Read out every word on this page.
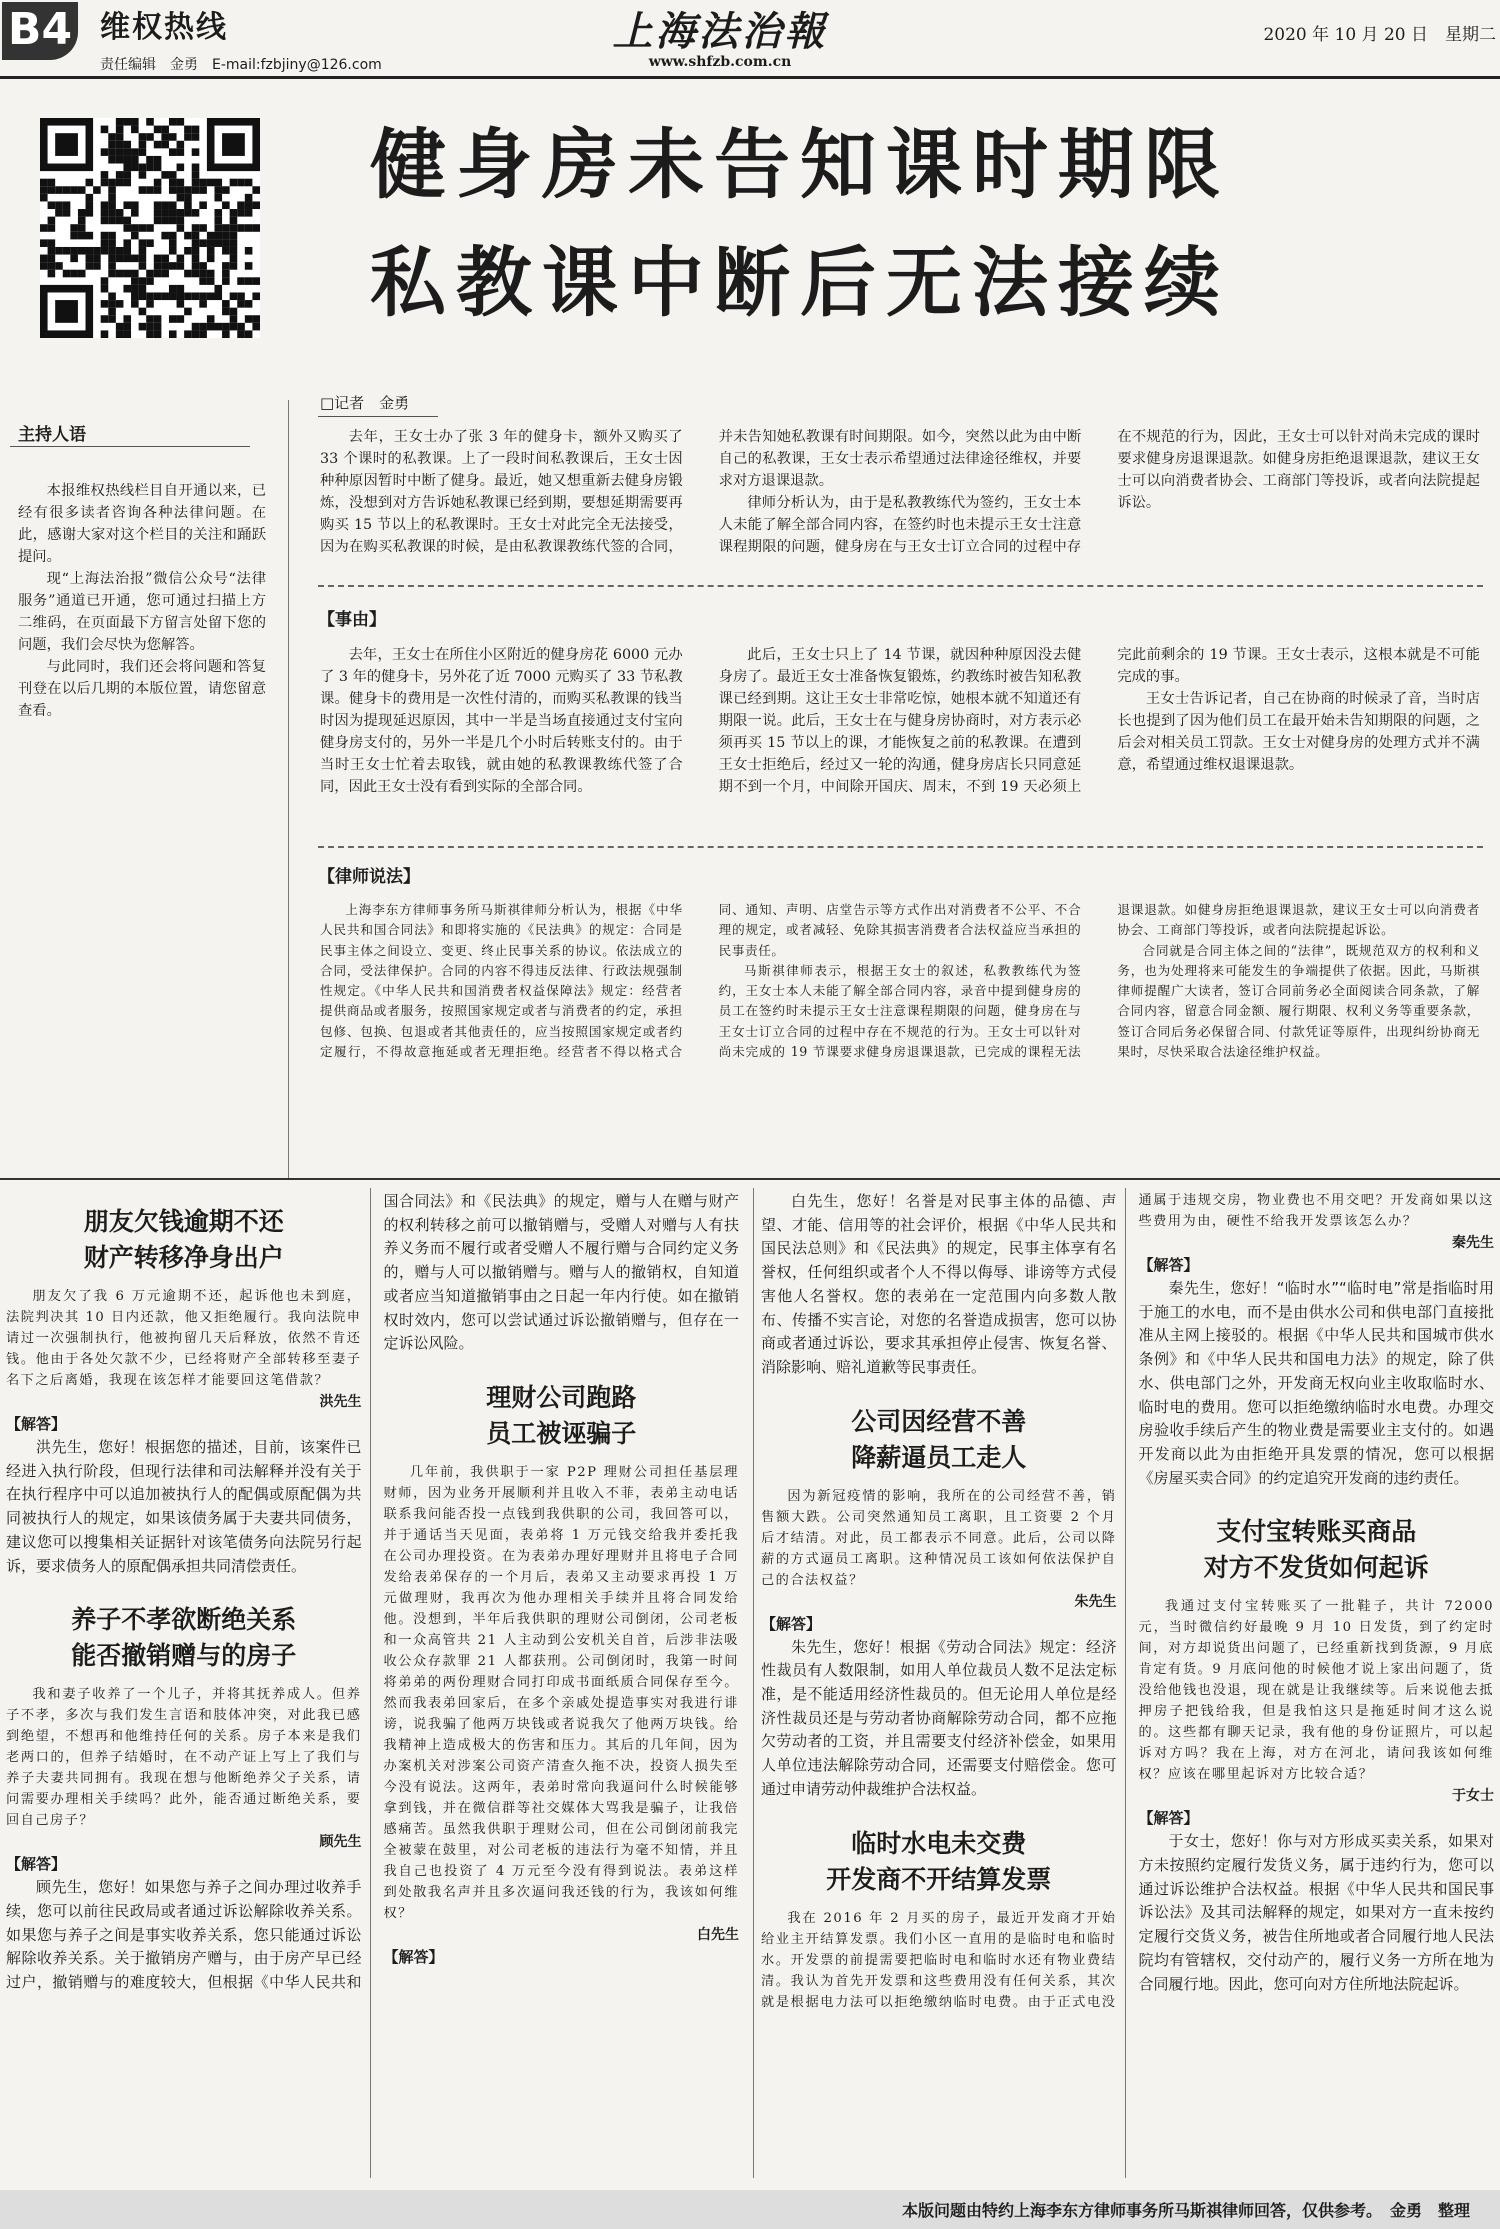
B4 维权热线
责任编辑　金勇　E-mail:fzbjiny@126.com
上海法治報
www.shfzb.com.cn
2020 年 10 月 20 日　星期二
健身房未告知课时期限
私教课中断后无法接续
主持人语

本报维权热线栏目自开通以来，已经有很多读者咨询各种法律问题。在此，感谢大家对这个栏目的关注和踊跃提问。

现“上海法治报”微信公众号“法律服务”通道已开通，您可通过扫描上方二维码，在页面最下方留言处留下您的问题，我们会尽快为您解答。

与此同时，我们还会将问题和答复刊登在以后几期的本版位置，请您留意查看。

□记者　金勇

去年，王女士办了张 3 年的健身卡，额外又购买了 33 个课时的私教课。上了一段时间私教课后，王女士因种种原因暂时中断了健身。最近，她又想重新去健身房锻炼，没想到对方告诉她私教课已经到期，要想延期需要再购买 15 节以上的私教课时。王女士对此完全无法接受，因为在购买私教课的时候，是由私教课教练代签的合同，并未告知她私教课有时间期限。如今，突然以此为由中断自己的私教课，王女士表示希望通过法律途径维权，并要求对方退课退款。

律师分析认为，由于是私教教练代为签约，王女士本人未能了解全部合同内容，在签约时也未提示王女士注意课程期限的问题，健身房在与王女士订立合同的过程中存在不规范的行为，因此，王女士可以针对尚未完成的课时要求健身房退课退款。如健身房拒绝退课退款，建议王女士可以向消费者协会、工商部门等投诉，或者向法院提起诉讼。

【事由】

去年，王女士在所住小区附近的健身房花 6000 元办了 3 年的健身卡，另外花了近 7000 元购买了 33 节私教课。健身卡的费用是一次性付清的，而购买私教课的钱当时因为提现延迟原因，其中一半是当场直接通过支付宝向健身房支付的，另外一半是几个小时后转账支付的。由于当时王女士忙着去取钱，就由她的私教课教练代签了合同，因此王女士没有看到实际的全部合同。

此后，王女士只上了 14 节课，就因种种原因没去健身房了。最近王女士准备恢复锻炼，约教练时被告知私教课已经到期。这让王女士非常吃惊，她根本就不知道还有期限一说。此后，王女士在与健身房协商时，对方表示必须再买 15 节以上的课，才能恢复之前的私教课。在遭到王女士拒绝后，经过又一轮的沟通，健身房店长只同意延期不到一个月，中间除开国庆、周末，不到 19 天必须上完此前剩余的 19 节课。王女士表示，这根本就是不可能完成的事。

王女士告诉记者，自己在协商的时候录了音，当时店长也提到了因为他们员工在最开始未告知期限的问题，之后会对相关员工罚款。王女士对健身房的处理方式并不满意，希望通过维权退课退款。

【律师说法】

上海李东方律师事务所马斯祺律师分析认为，根据《中华人民共和国合同法》和即将实施的《民法典》的规定：合同是民事主体之间设立、变更、终止民事关系的协议。依法成立的合同，受法律保护。合同的内容不得违反法律、行政法规强制性规定。《中华人民共和国消费者权益保障法》规定：经营者提供商品或者服务，按照国家规定或者与消费者的约定，承担包修、包换、包退或者其他责任的，应当按照国家规定或者约定履行，不得故意拖延或者无理拒绝。经营者不得以格式合同、通知、声明、店堂告示等方式作出对消费者不公平、不合理的规定，或者减轻、免除其损害消费者合法权益应当承担的民事责任。

马斯祺律师表示，根据王女士的叙述，私教教练代为签约，王女士本人未能了解全部合同内容，录音中提到健身房的员工在签约时未提示王女士注意课程期限的问题，健身房在与王女士订立合同的过程中存在不规范的行为。王女士可以针对尚未完成的 19 节课要求健身房退课退款，已完成的课程无法退课退款。如健身房拒绝退课退款，建议王女士可以向消费者协会、工商部门等投诉，或者向法院提起诉讼。

合同就是合同主体之间的“法律”，既规范双方的权利和义务，也为处理将来可能发生的争端提供了依据。因此，马斯祺律师提醒广大读者，签订合同前务必全面阅读合同条款，了解合同内容，留意合同金额、履行期限、权利义务等重要条款，签订合同后务必保留合同、付款凭证等原件，出现纠纷协商无果时，尽快采取合法途径维护权益。

朋友欠钱逾期不还
财产转移净身出户
朋友欠了我 6 万元逾期不还，起诉他也未到庭，法院判决其 10 日内还款，他又拒绝履行。我向法院申请过一次强制执行，他被拘留几天后释放，依然不肯还钱。他由于各处欠款不少，已经将财产全部转移至妻子名下之后离婚，我现在该怎样才能要回这笔借款？
洪先生
【解答】
洪先生，您好！根据您的描述，目前，该案件已经进入执行阶段，但现行法律和司法解释并没有关于在执行程序中可以追加被执行人的配偶或原配偶为共同被执行人的规定，如果该债务属于夫妻共同债务，建议您可以搜集相关证据针对该笔债务向法院另行起诉，要求债务人的原配偶承担共同清偿责任。
养子不孝欲断绝关系
能否撤销赠与的房子
我和妻子收养了一个儿子，并将其抚养成人。但养子不孝，多次与我们发生言语和肢体冲突，对此我已感到绝望，不想再和他维持任何的关系。房子本来是我们老两口的，但养子结婚时，在不动产证上写上了我们与养子夫妻共同拥有。我现在想与他断绝养父子关系，请问需要办理相关手续吗？此外，能否通过断绝关系，要回自己房子？
顾先生
【解答】
顾先生，您好！如果您与养子之间办理过收养手续，您可以前往民政局或者通过诉讼解除收养关系。如果您与养子之间是事实收养关系，您只能通过诉讼解除收养关系。关于撤销房产赠与，由于房产早已经过户，撤销赠与的难度较大，但根据《中华人民共和国合同法》和《民法典》的规定，赠与人在赠与财产的权利转移之前可以撤销赠与，受赠人对赠与人有扶养义务而不履行或者受赠人不履行赠与合同约定义务的，赠与人可以撤销赠与。赠与人的撤销权，自知道或者应当知道撤销事由之日起一年内行使。如在撤销权时效内，您可以尝试通过诉讼撤销赠与，但存在一定诉讼风险。
理财公司跑路
员工被诬骗子
几年前，我供职于一家 P2P 理财公司担任基层理财师，因为业务开展顺利并且收入不菲，表弟主动电话联系我问能否投一点钱到我供职的公司，我回答可以，并于通话当天见面，表弟将 1 万元钱交给我并委托我在公司办理投资。在为表弟办理好理财并且将电子合同发给表弟保存的一个月后，表弟又主动要求再投 1 万元做理财，我再次为他办理相关手续并且将合同发给他。没想到，半年后我供职的理财公司倒闭，公司老板和一众高管共 21 人主动到公安机关自首，后涉非法吸收公众存款罪 21 人都获刑。公司倒闭时，我第一时间将弟弟的两份理财合同打印成书面纸质合同保存至今。然而我表弟回家后，在多个亲戚处提造事实对我进行诽谤，说我骗了他两万块钱或者说我欠了他两万块钱。给我精神上造成极大的伤害和压力。其后的几年间，因为办案机关对涉案公司资产清查久拖不决，投资人损失至今没有说法。这两年，表弟时常向我逼问什么时候能够拿到钱，并在微信群等社交媒体大骂我是骗子，让我倍感痛苦。虽然我供职于理财公司，但在公司倒闭前我完全被蒙在鼓里，对公司老板的违法行为毫不知情，并且我自己也投资了 4 万元至今没有得到说法。表弟这样到处散我名声并且多次逼问我还钱的行为，我该如何维权？
白先生
【解答】
白先生，您好！名誉是对民事主体的品德、声望、才能、信用等的社会评价，根据《中华人民共和国民法总则》和《民法典》的规定，民事主体享有名誉权，任何组织或者个人不得以侮辱、诽谤等方式侵害他人名誉权。您的表弟在一定范围内向多数人散布、传播不实言论，对您的名誉造成损害，您可以协商或者通过诉讼，要求其承担停止侵害、恢复名誉、消除影响、赔礼道歉等民事责任。
公司因经营不善
降薪逼员工走人
因为新冠疫情的影响，我所在的公司经营不善，销售额大跌。公司突然通知员工离职，且工资要 2 个月后才结清。对此，员工都表示不同意。此后，公司以降薪的方式逼员工离职。这种情况员工该如何依法保护自己的合法权益？
朱先生
【解答】
朱先生，您好！根据《劳动合同法》规定：经济性裁员有人数限制，如用人单位裁员人数不足法定标准，是不能适用经济性裁员的。但无论用人单位是经济性裁员还是与劳动者协商解除劳动合同，都不应拖欠劳动者的工资，并且需要支付经济补偿金，如果用人单位违法解除劳动合同，还需要支付赔偿金。您可通过申请劳动仲裁维护合法权益。
临时水电未交费
开发商不开结算发票
我在 2016 年 2 月买的房子，最近开发商才开始给业主开结算发票。我们小区一直用的是临时电和临时水。开发票的前提需要把临时电和临时水还有物业费结清。我认为首先开发票和这些费用没有任何关系，其次就是根据电力法可以拒绝缴纳临时电费。由于正式电没通属于违规交房，物业费也不用交吧？开发商如果以这些费用为由，硬性不给我开发票该怎么办？
秦先生
【解答】
秦先生，您好！“临时水”“临时电”常是指临时用于施工的水电，而不是由供水公司和供电部门直接批准从主网上接驳的。根据《中华人民共和国城市供水条例》和《中华人民共和国电力法》的规定，除了供水、供电部门之外，开发商无权向业主收取临时水、临时电的费用。您可以拒绝缴纳临时水电费。办理交房验收手续后产生的物业费是需要业主支付的。如遇开发商以此为由拒绝开具发票的情况，您可以根据《房屋买卖合同》的约定追究开发商的违约责任。
支付宝转账买商品
对方不发货如何起诉
我通过支付宝转账买了一批鞋子，共计 72000 元，当时微信约好最晚 9 月 10 日发货，到了约定时间，对方却说货出问题了，已经重新找到货源，9 月底肯定有货。9 月底问他的时候他才说上家出问题了，货没给他钱也没退，现在就是让我继续等。后来说他去抵押房子把钱给我，但是我怕这只是拖延时间才这么说的。这些都有聊天记录，我有他的身份证照片，可以起诉对方吗？我在上海，对方在河北，请问我该如何维权？应该在哪里起诉对方比较合适？
于女士
【解答】
于女士，您好！你与对方形成买卖关系，如果对方未按照约定履行发货义务，属于违约行为，您可以通过诉讼维护合法权益。根据《中华人民共和国民事诉讼法》及其司法解释的规定，如果对方一直未按约定履行交货义务，被告住所地或者合同履行地人民法院均有管辖权，交付动产的，履行义务一方所在地为合同履行地。因此，您可向对方住所地法院起诉。
本版问题由特约上海李东方律师事务所马斯祺律师回答，仅供参考。　金勇　整理
